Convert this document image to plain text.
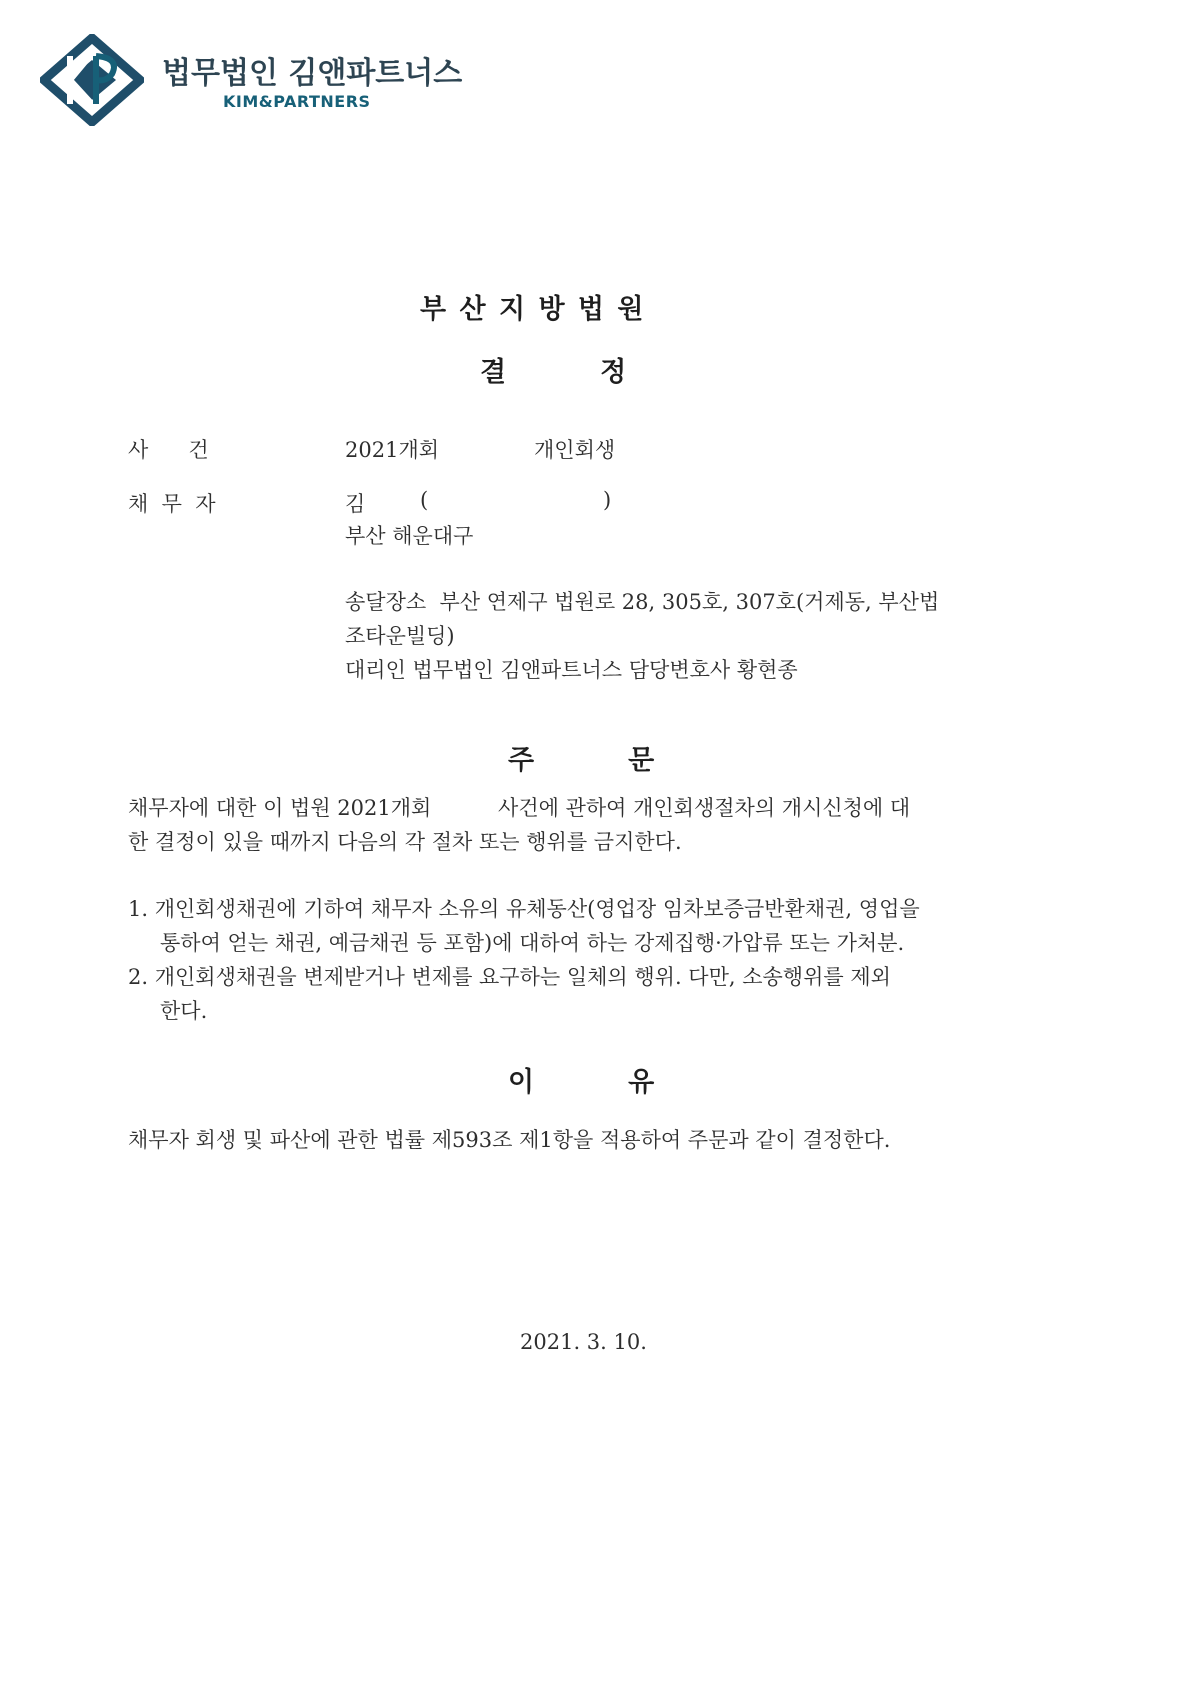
법무법인 김앤파트너스
KIM&PARTNERS
부 산 지 방 법 원
결          정
사      건	2021개회	개인회생
채  무  자	김	(	)
부산 해운대구
송달장소  부산 연제구 법원로 28, 305호, 307호(거제동, 부산법
조타운빌딩)
대리인 법무법인 김앤파트너스 담당변호사 황현종
주          문
채무자에 대한 이 법원 2021개회          사건에 관하여 개인회생절차의 개시신청에 대
한 결정이 있을 때까지 다음의 각 절차 또는 행위를 금지한다.
1. 개인회생채권에 기하여 채무자 소유의 유체동산(영업장 임차보증금반환채권, 영업을
통하여 얻는 채권, 예금채권 등 포함)에 대하여 하는 강제집행·가압류 또는 가처분.
2. 개인회생채권을 변제받거나 변제를 요구하는 일체의 행위. 다만, 소송행위를 제외
한다.
이          유
채무자 회생 및 파산에 관한 법률 제593조 제1항을 적용하여 주문과 같이 결정한다.
2021. 3. 10.
